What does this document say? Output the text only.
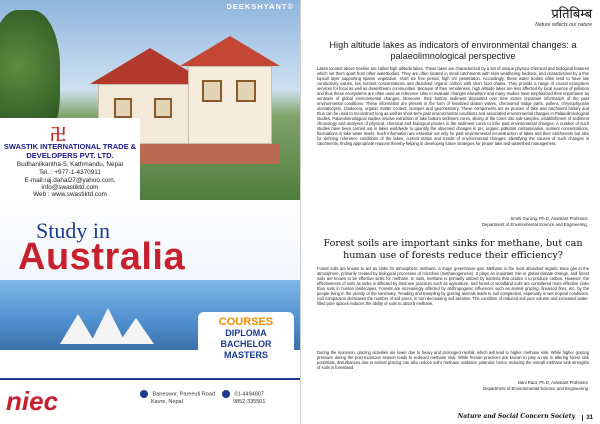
DEEKSHYANT©
卍
SWASTIK INTERNATIONAL TRADE & DEVELOPERS PVT. LTD.
Budhanilkantha-5, Kathmandu, Nepal
Tel. : +977-1-4370911
E-mail:raj.dahal27@yahoo.com,
info@swastiktd.com
Web : www.swastiktd.com
Study in
Australia
COURSES
DIPLOMA
BACHELOR
MASTERS
niec	Baneswor, Pareeuti Road
Kavre, Nepal
01-4494807
9852-335501
प्रतिबिम्ब
Nature reflects our nature
High altitude lakes as indicators of environmental changes: a palaeolimnological perspective
Lakes located above treeline are called high altitude lakes. These lakes are characterized by a set of unique physico-chemical and biological features which set them apart from other waterbodies. They are often located in small catchments with slow weathering bedrock, and characterized by a thin topsoil layer supporting sparse vegetation, short ice free period, high UV penetration. Accordingly, these water bodies often tend to have low conductivity values, low nutrient concentrations and dissolved organic carbon with short food chains. They provide a range of crucial ecosystem services for local as well as downstream communities. Because of their remoteness, high altitude lakes are less affected by local sources of pollution and thus these ecosystems are often used as reference sites to evaluate changes elsewhere and many studies have emphasized their importance as sentinels of global environmental changes. Moreover, their bottom sediment deposited over time stores important information of the past environmental conditions. These information are present in the form of fossilized diatom valves, chironomid midge parts, pollens, chrysophycean stomatocysts, Cladocera, organic matter content, isotopes and geochemistry. These components act as proxies of lake and catchment history and thus can be used to reconstruct long as well as short-term past environmental conditions and associated environmental changes in Palaeolimnological studies. Palaeolimnological studies involve extraction of lake bottom sediment cores, slicing of the cores into sub-samples, establishment of sediment chronology and analyses of physical, chemical and biological proxies in the sediment cores to infer past environmental changes. A number of such studies have been carried out in lakes worldwide to quantify the observed changes in pH, organic pollutant contamination, nutrient concentrations, fluctuations in lake water levels. Such information are essential not only for past environmental reconstruction of lakes and their catchments but also for defining reference conditions of the lakes, current status and trends of environmental changes, identifying the causes of such changes in catchments, finding appropriate reasons thereby helping in developing future strategies for proper lake and watershed management.
Smriti Gurung, Ph.D, Assistant Professor
Department of Environmental Science and Engineering,
Forest soils are important sinks for methane, but can human use of forests reduce their efficiency?
Forest soils are known to act as sinks for atmospheric methane, a major greenhouse gas. Methane is the most abundant organic trace gas in the atmosphere, primarily created by biological processes of microbes (methanogenesis). It plays an important role in global climate change, and forest soils are known to be effective sinks for methane. In soils, methane is primarily utilized by bacteria that oxidize it to produce carbon. However, the effectiveness of soils as sinks is affected by land-use practices such as agriculture, and forest or woodland soils are considered more effective sinks than soils in human landscapes. Forests are increasingly affected by anthropogenic influences such as animal grazing, firewood fires, etc. by the people living in the vicinity of the sanctuary. Treading and trampling by grazing animals leads to soil compaction, especially in wet tropical conditions. Soil compaction decreases the number of soil pores, in turn decreasing soil aeration. The condition of reduced soil pore volume and increased water-filled pore spaces reduces the ability of soils to absorb methane.
During the monsoon, grazing activities are lower due to heavy and prolonged rainfall, which will lead to higher methane sink. While higher grazing pressure during the post-monsoon season leads to reduced methane sink. While human practices are known to play a role in altering forest sink potentials, disturbances due to animal grazing can also reduce soil's methane oxidation potential, hence reducing the overall methane sink strengths of soils in forestland
Nani Raut, Ph.D, Assistant Professor
Department of Environmental Science and Engineering
Nature and Social Concern Society	31
